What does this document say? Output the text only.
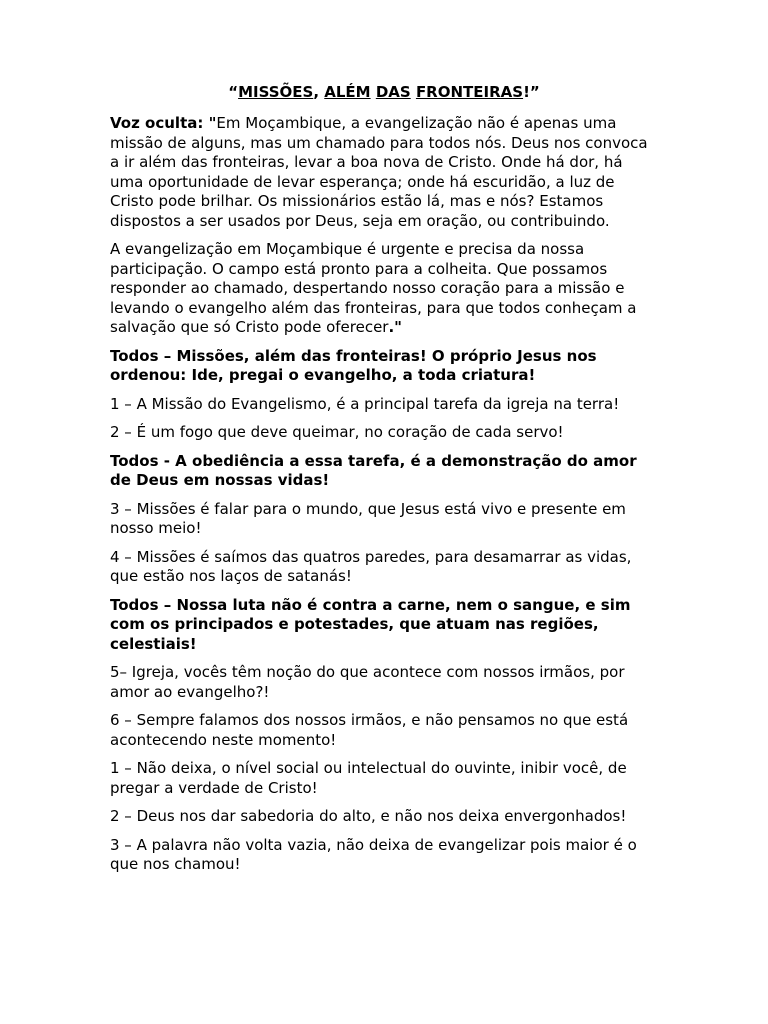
“MISSÕES, ALÉM DAS FRONTEIRAS!”

Voz oculta: "Em Moçambique, a evangelização não é apenas uma missão de alguns, mas um chamado para todos nós. Deus nos convoca a ir além das fronteiras, levar a boa nova de Cristo. Onde há dor, há uma oportunidade de levar esperança; onde há escuridão, a luz de Cristo pode brilhar. Os missionários estão lá, mas e nós? Estamos dispostos a ser usados por Deus, seja em oração, ou contribuindo.

A evangelização em Moçambique é urgente e precisa da nossa participação. O campo está pronto para a colheita. Que possamos responder ao chamado, despertando nosso coração para a missão e levando o evangelho além das fronteiras, para que todos conheçam a salvação que só Cristo pode oferecer."

Todos – Missões, além das fronteiras! O próprio Jesus nos ordenou: Ide, pregai o evangelho, a toda criatura!

1 – A Missão do Evangelismo, é a principal tarefa da igreja na terra!

2 – É um fogo que deve queimar, no coração de cada servo!

Todos - A obediência a essa tarefa, é a demonstração do amor de Deus em nossas vidas!

3 – Missões é falar para o mundo, que Jesus está vivo e presente em nosso meio!

4 – Missões é saímos das quatros paredes, para desamarrar as vidas, que estão nos laços de satanás!

Todos – Nossa luta não é contra a carne, nem o sangue, e sim com os principados e potestades, que atuam nas regiões, celestiais!

5– Igreja, vocês têm noção do que acontece com nossos irmãos, por amor ao evangelho?!

6 – Sempre falamos dos nossos irmãos, e não pensamos no que está acontecendo neste momento!

1 – Não deixa, o nível social ou intelectual do ouvinte, inibir você, de pregar a verdade de Cristo!

2 – Deus nos dar sabedoria do alto, e não nos deixa envergonhados!

3 – A palavra não volta vazia, não deixa de evangelizar pois maior é o que nos chamou!
